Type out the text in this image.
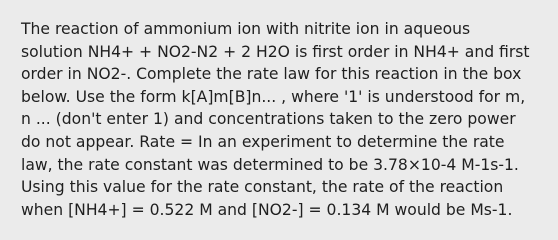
The reaction of ammonium ion with nitrite ion in aqueous
solution NH4+ + NO2-N2 + 2 H2O is first order in NH4+ and first
order in NO2-. Complete the rate law for this reaction in the box
below. Use the form k[A]m[B]n... , where '1' is understood for m,
n ... (don't enter 1) and concentrations taken to the zero power
do not appear. Rate = In an experiment to determine the rate
law, the rate constant was determined to be 3.78×10-4 M-1s-1.
Using this value for the rate constant, the rate of the reaction
when [NH4+] = 0.522 M and [NO2-] = 0.134 M would be Ms-1.
